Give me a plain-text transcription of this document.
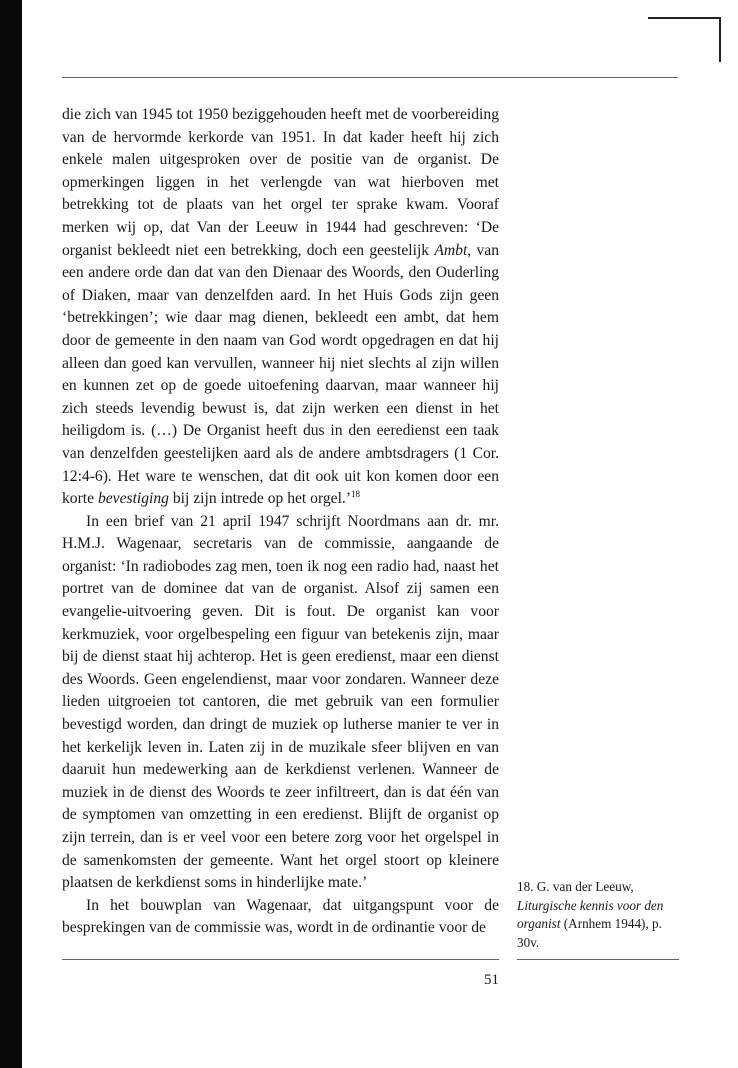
die zich van 1945 tot 1950 beziggehouden heeft met de voorbereiding van de hervormde kerkorde van 1951. In dat kader heeft hij zich enkele malen uitgesproken over de positie van de organist. De opmerkingen liggen in het verlengde van wat hierboven met betrekking tot de plaats van het orgel ter sprake kwam. Vooraf merken wij op, dat Van der Leeuw in 1944 had geschreven: ‘De organist bekleedt niet een betrekking, doch een geestelijk Ambt, van een andere orde dan dat van den Dienaar des Woords, den Ouderling of Diaken, maar van denzelfden aard. In het Huis Gods zijn geen ‘betrekkingen’; wie daar mag dienen, bekleedt een ambt, dat hem door de gemeente in den naam van God wordt opgedragen en dat hij alleen dan goed kan vervullen, wanneer hij niet slechts al zijn willen en kunnen zet op de goede uitoefening daarvan, maar wanneer hij zich steeds levendig bewust is, dat zijn werken een dienst in het heiligdom is. (…) De Organist heeft dus in den eeredienst een taak van denzelfden geestelijken aard als de andere ambtsdragers (1 Cor. 12:4-6). Het ware te wenschen, dat dit ook uit kon komen door een korte bevestiging bij zijn intrede op het orgel.’$^{18}$

In een brief van 21 april 1947 schrijft Noordmans aan dr. mr. H.M.J. Wagenaar, secretaris van de commissie, aangaande de organist: ‘In radiobodes zag men, toen ik nog een radio had, naast het portret van de dominee dat van de organist. Alsof zij samen een evangelie-uitvoering geven. Dit is fout. De organist kan voor kerkmuziek, voor orgelbespeling een figuur van betekenis zijn, maar bij de dienst staat hij achterop. Het is geen eredienst, maar een dienst des Woords. Geen engelendienst, maar voor zondaren. Wanneer deze lieden uitgroeien tot cantoren, die met gebruik van een formulier bevestigd worden, dan dringt de muziek op lutherse manier te ver in het kerkelijk leven in. Laten zij in de muzikale sfeer blijven en van daaruit hun medewerking aan de kerkdienst verlenen. Wanneer de muziek in de dienst des Woords te zeer infiltreert, dan is dat één van de symptomen van omzetting in een eredienst. Blijft de organist op zijn terrein, dan is er veel voor een betere zorg voor het orgelspel in de samenkomsten der gemeente. Want het orgel stoort op kleinere plaatsen de kerkdienst soms in hinderlijke mate.’

In het bouwplan van Wagenaar, dat uitgangspunt voor de besprekingen van de commissie was, wordt in de ordinantie voor de

18. G. van der Leeuw, Liturgische kennis voor den organist (Arnhem 1944), p. 30v.
51
